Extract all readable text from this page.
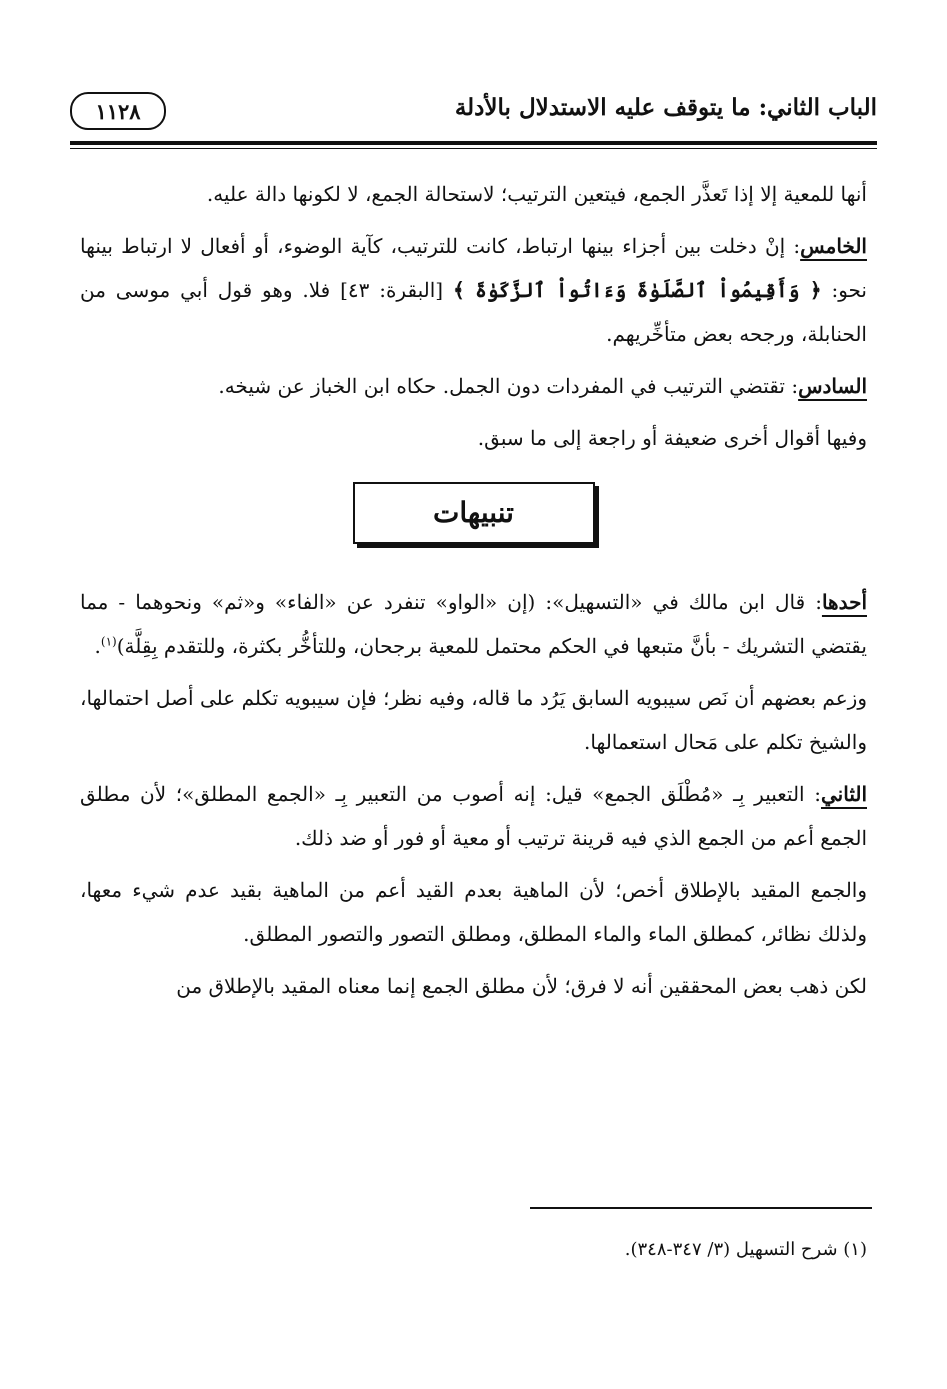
الباب الثاني: ما يتوقف عليه الاستدلال بالأدلة
١١٢٨

أنها للمعية إلا إذا تَعذَّر الجمع، فيتعين الترتيب؛ لاستحالة الجمع، لا لكونها دالة عليه.

الخامس: إنْ دخلت بين أجزاء بينها ارتباط، كانت للترتيب، كآية الوضوء، أو أفعال لا ارتباط بينها نحو: ﴿ وَأَقِيمُواْ ٱلصَّلَوٰةَ وَءَاتُواْ ٱلزَّكَوٰةَ ﴾ [البقرة: ٤٣] فلا. وهو قول أبي موسى من الحنابلة، ورجحه بعض متأخِّريهم.

السادس: تقتضي الترتيب في المفردات دون الجمل. حكاه ابن الخباز عن شيخه.

وفيها أقوال أخرى ضعيفة أو راجعة إلى ما سبق.

تنبيهات

أحدها: قال ابن مالك في «التسهيل»: (إن «الواو» تنفرد عن «الفاء» و«ثم» ونحوهما - مما يقتضي التشريك - بأنَّ متبعها في الحكم محتمل للمعية برجحان، وللتأخُّر بكثرة، وللتقدم بِقِلَّة)$^{(١)}$.

وزعم بعضهم أن نَص سيبويه السابق يَرُد ما قاله، وفيه نظر؛ فإن سيبويه تكلم على أصل احتمالها، والشيخ تكلم على مَحال استعمالها.

الثاني: التعبير بِـ «مُطْلَق الجمع» قيل: إنه أصوب من التعبير بِـ «الجمع المطلق»؛ لأن مطلق الجمع أعم من الجمع الذي فيه قرينة ترتيب أو معية أو فور أو ضد ذلك.

والجمع المقيد بالإطلاق أخص؛ لأن الماهية بعدم القيد أعم من الماهية بقيد عدم شيء معها، ولذلك نظائر، كمطلق الماء والماء المطلق، ومطلق التصور والتصور المطلق.

لكن ذهب بعض المحققين أنه لا فرق؛ لأن مطلق الجمع إنما معناه المقيد بالإطلاق من

(١) شرح التسهيل (٣/ ٣٤٧-٣٤٨).
